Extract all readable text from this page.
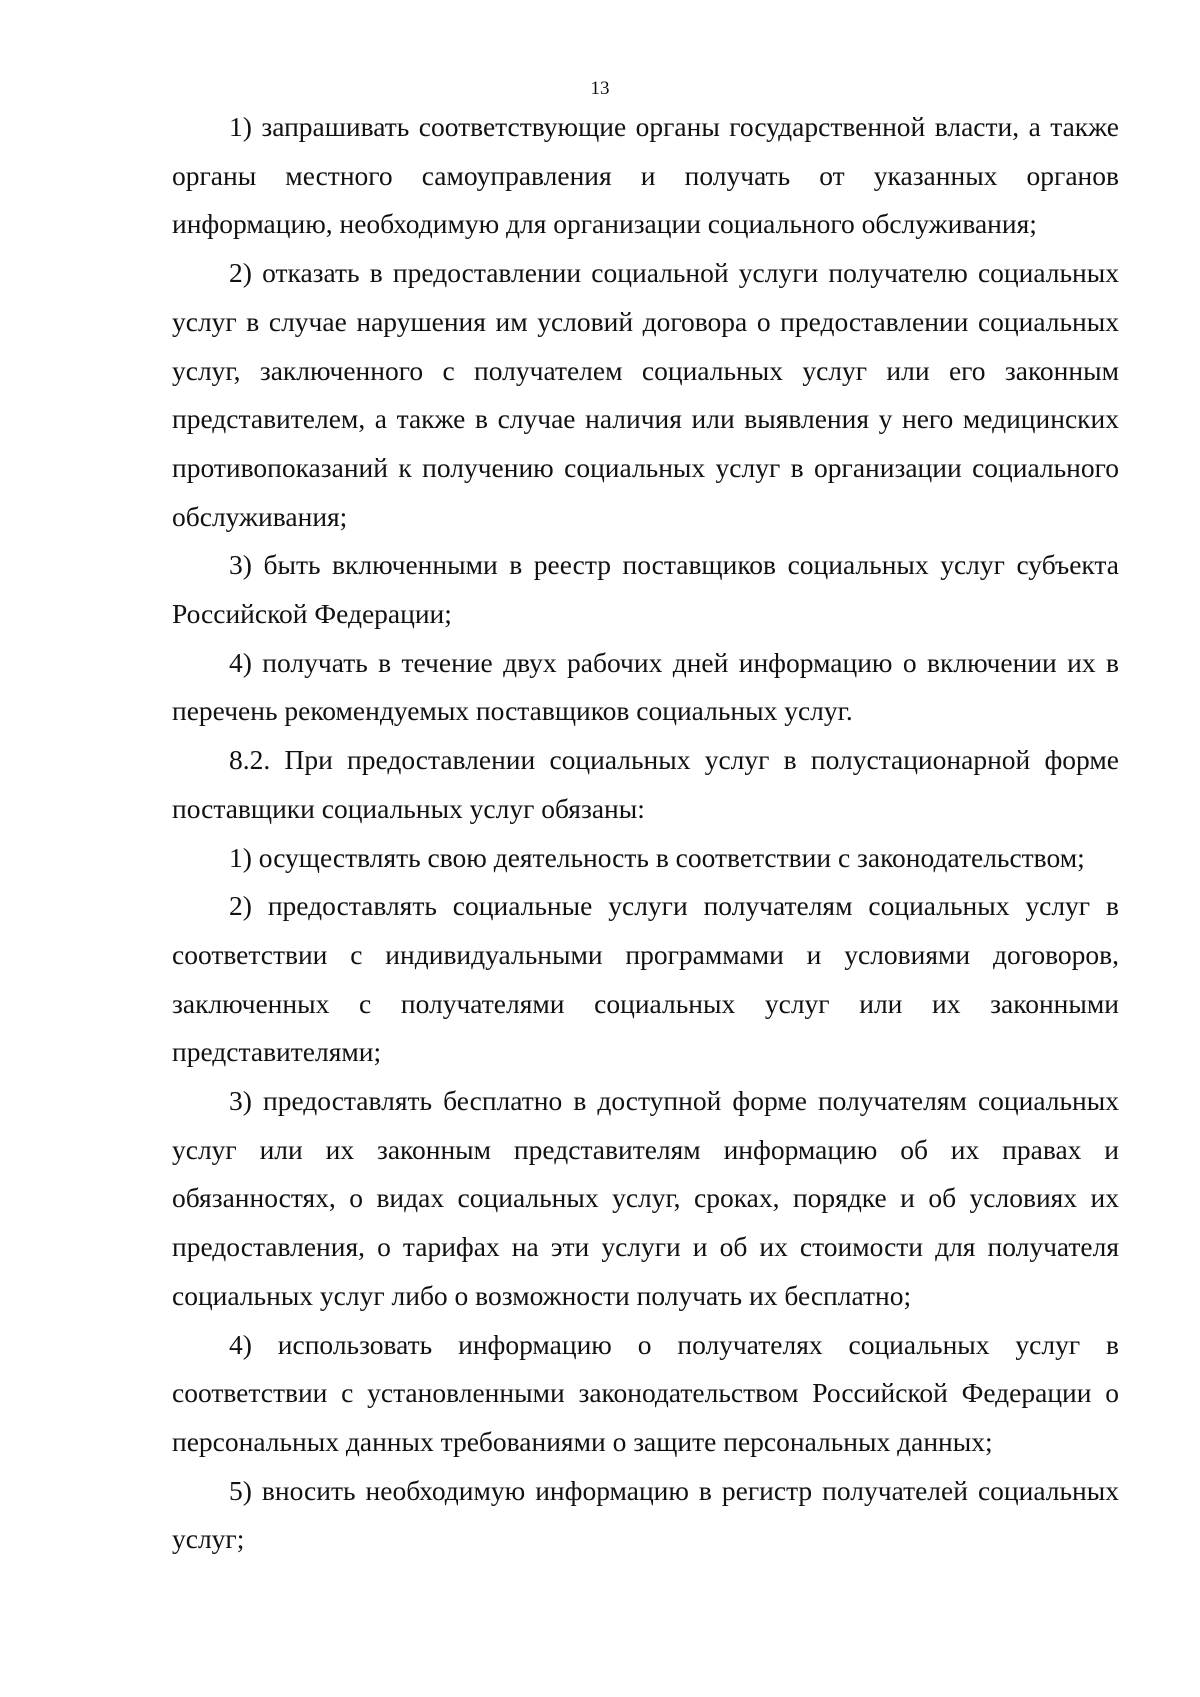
13

1) запрашивать соответствующие органы государственной власти, а также органы местного самоуправления и получать от указанных органов информацию, необходимую для организации социального обслуживания;

2) отказать в предоставлении социальной услуги получателю социальных услуг в случае нарушения им условий договора о предоставлении социальных услуг, заключенного с получателем социальных услуг или его законным представителем, а также в случае наличия или выявления у него медицинских противопоказаний к получению социальных услуг в организации социального обслуживания;

3) быть включенными в реестр поставщиков социальных услуг субъекта Российской Федерации;

4) получать в течение двух рабочих дней информацию о включении их в перечень рекомендуемых поставщиков социальных услуг.

8.2. При предоставлении социальных услуг в полустационарной форме поставщики социальных услуг обязаны:

1) осуществлять свою деятельность в соответствии с законодательством;

2) предоставлять социальные услуги получателям социальных услуг в соответствии с индивидуальными программами и условиями договоров, заключенных с получателями социальных услуг или их законными представителями;

3) предоставлять бесплатно в доступной форме получателям социальных услуг или их законным представителям информацию об их правах и обязанностях, о видах социальных услуг, сроках, порядке и об условиях их предоставления, о тарифах на эти услуги и об их стоимости для получателя социальных услуг либо о возможности получать их бесплатно;

4) использовать информацию о получателях социальных услуг в соответствии с установленными законодательством Российской Федерации о персональных данных требованиями о защите персональных данных;

5) вносить необходимую информацию в регистр получателей социальных услуг;
